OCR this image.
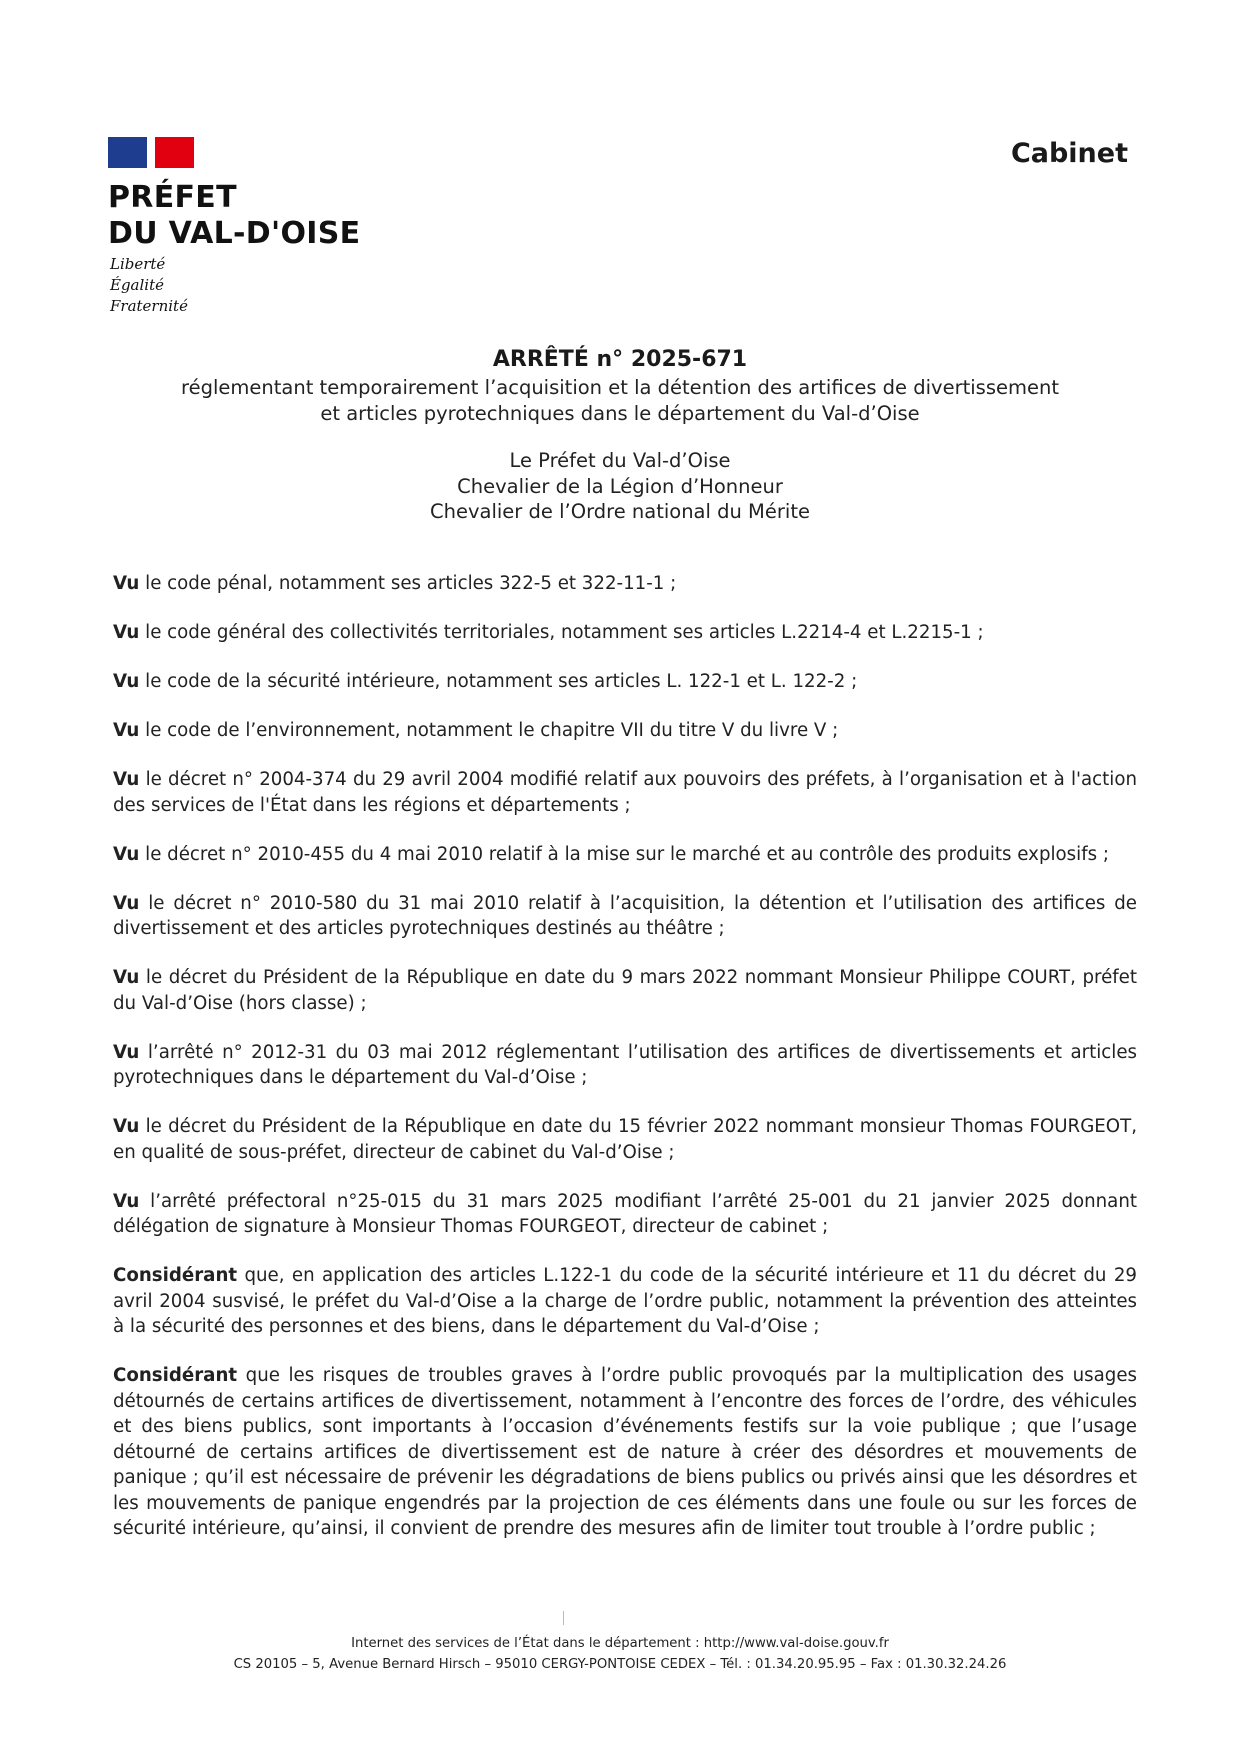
PRÉFET
DU VAL-D'OISE
Liberté
Égalité
Fraternité
Cabinet
ARRÊTÉ n° 2025-671
réglementant temporairement l’acquisition et la détention des artifices de divertissement
et articles pyrotechniques dans le département du Val-d’Oise
Le Préfet du Val-d’Oise
Chevalier de la Légion d’Honneur
Chevalier de l’Ordre national du Mérite

Vu le code pénal, notamment ses articles 322-5 et 322-11-1 ;

Vu le code général des collectivités territoriales, notamment ses articles L.2214-4 et L.2215-1 ;

Vu le code de la sécurité intérieure, notamment ses articles L. 122-1 et L. 122-2 ;

Vu le code de l’environnement, notamment le chapitre VII du titre V du livre V ;

Vu le décret n° 2004-374 du 29 avril 2004 modifié relatif aux pouvoirs des préfets, à l’organisation et à l'action des services de l'État dans les régions et départements ;

Vu le décret n° 2010-455 du 4 mai 2010 relatif à la mise sur le marché et au contrôle des produits explosifs ;

Vu le décret n° 2010-580 du 31 mai 2010 relatif à l’acquisition, la détention et l’utilisation des artifices de divertissement et des articles pyrotechniques destinés au théâtre ;

Vu le décret du Président de la République en date du 9 mars 2022 nommant Monsieur Philippe COURT, préfet du Val-d’Oise (hors classe) ;

Vu l’arrêté n° 2012-31 du 03 mai 2012 réglementant l’utilisation des artifices de divertissements et articles pyrotechniques dans le département du Val-d’Oise ;

Vu le décret du Président de la République en date du 15 février 2022 nommant monsieur Thomas FOURGEOT, en qualité de sous-préfet, directeur de cabinet du Val-d’Oise ;

Vu l’arrêté préfectoral n°25-015 du 31 mars 2025 modifiant l’arrêté 25-001 du 21 janvier 2025 donnant délégation de signature à Monsieur Thomas FOURGEOT, directeur de cabinet ;

Considérant que, en application des articles L.122-1 du code de la sécurité intérieure et 11 du décret du 29 avril 2004 susvisé, le préfet du Val-d’Oise a la charge de l’ordre public, notamment la prévention des atteintes à la sécurité des personnes et des biens, dans le département du Val-d’Oise ;

Considérant que les risques de troubles graves à l’ordre public provoqués par la multiplication des usages détournés de certains artifices de divertissement, notamment à l’encontre des forces de l’ordre, des véhicules et des biens publics, sont importants à l’occasion d’événements festifs sur la voie publique ; que l’usage détourné de certains artifices de divertissement est de nature à créer des désordres et mouvements de panique ; qu’il est nécessaire de prévenir les dégradations de biens publics ou privés ainsi que les désordres et les mouvements de panique engendrés par la projection de ces éléments dans une foule ou sur les forces de sécurité intérieure, qu’ainsi, il convient de prendre des mesures afin de limiter tout trouble à l’ordre public ;

Internet des services de l’État dans le département : http://www.val-doise.gouv.fr
CS 20105 – 5, Avenue Bernard Hirsch – 95010 CERGY-PONTOISE CEDEX – Tél. : 01.34.20.95.95 – Fax : 01.30.32.24.26
